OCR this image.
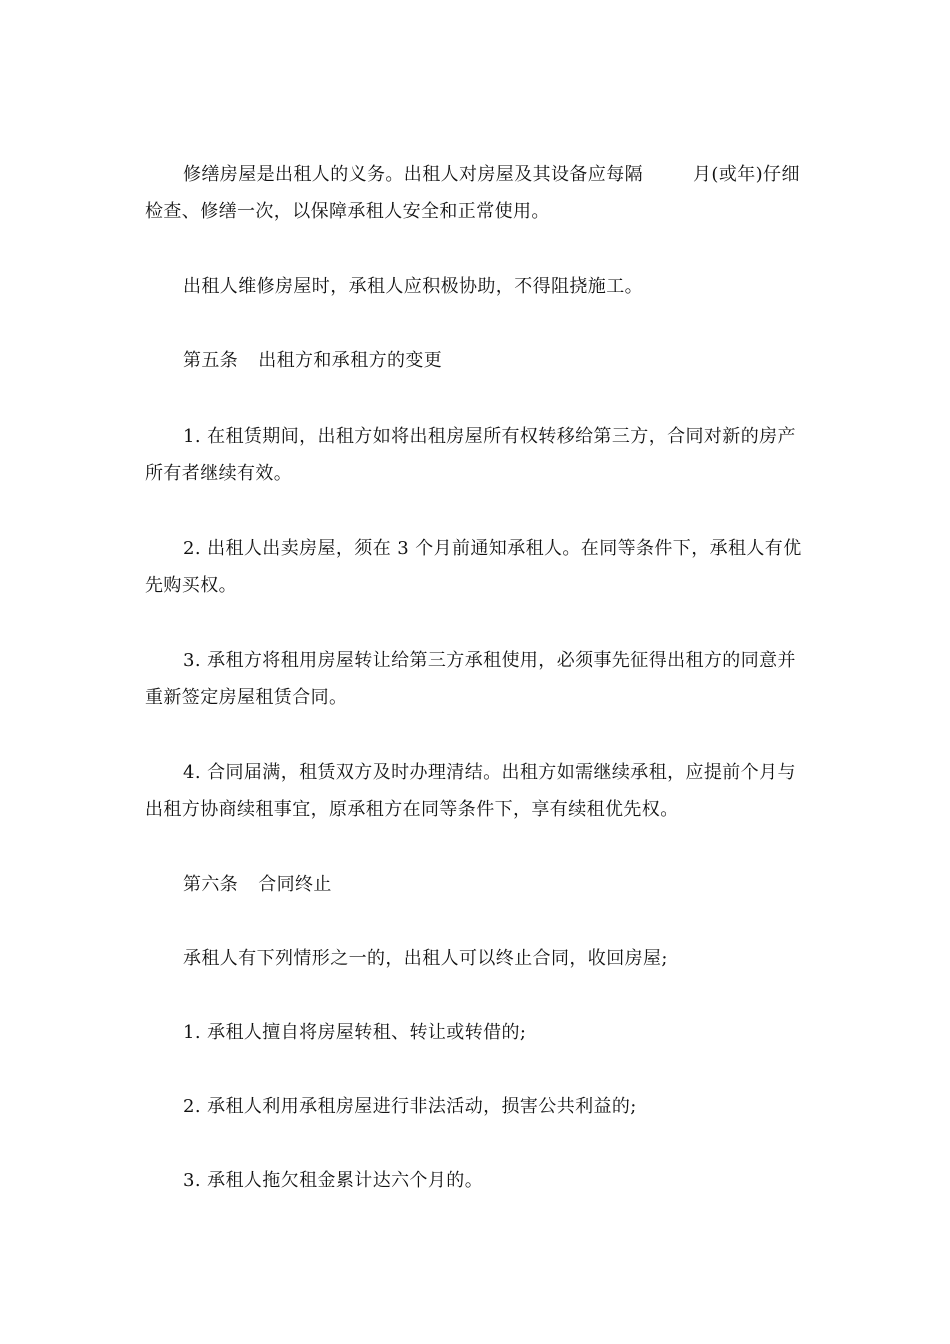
修缮房屋是出租人的义务。出租人对房屋及其设备应每隔	月(或年)仔细检查、修缮一次，以保障承租人安全和正常使用。

出租人维修房屋时，承租人应积极协助，不得阻挠施工。

第五条 出租方和承租方的变更

1. 在租赁期间，出租方如将出租房屋所有权转移给第三方，合同对新的房产所有者继续有效。

2. 出租人出卖房屋，须在 3 个月前通知承租人。在同等条件下，承租人有优先购买权。

3. 承租方将租用房屋转让给第三方承租使用，必须事先征得出租方的同意并重新签定房屋租赁合同。

4. 合同届满，租赁双方及时办理清结。出租方如需继续承租，应提前个月与出租方协商续租事宜，原承租方在同等条件下，享有续租优先权。

第六条 合同终止

承租人有下列情形之一的，出租人可以终止合同，收回房屋;

1. 承租人擅自将房屋转租、转让或转借的;

2. 承租人利用承租房屋进行非法活动，损害公共利益的;

3. 承租人拖欠租金累计达六个月的。
